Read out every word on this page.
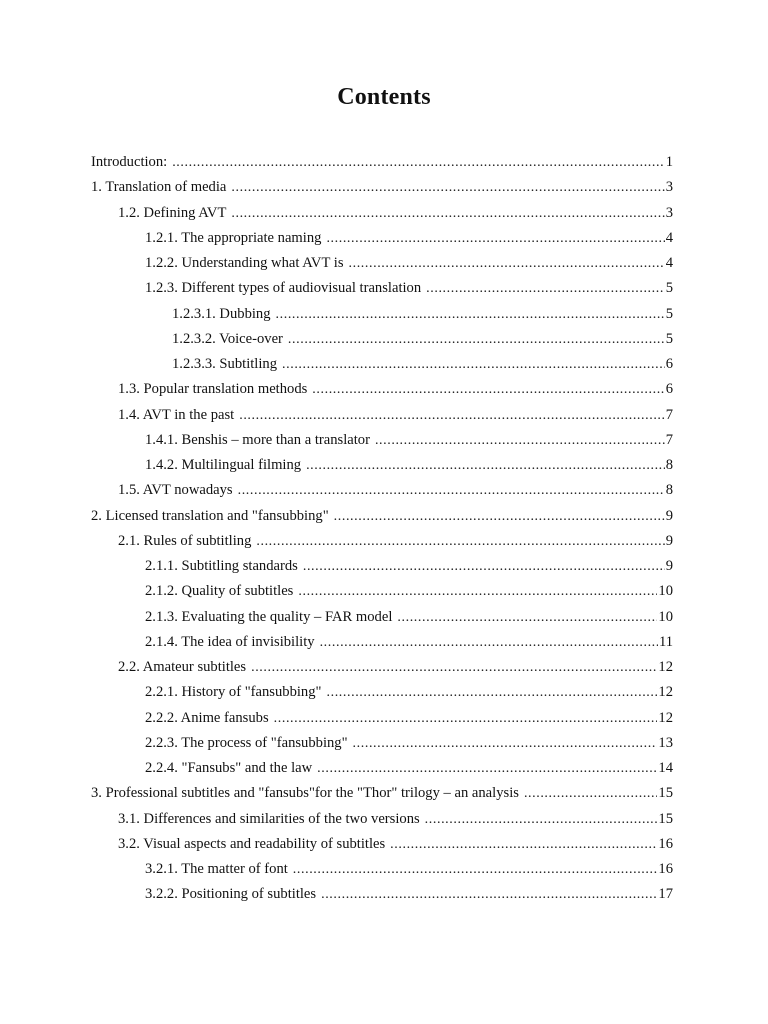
Contents
Introduction: .....	1
1. Translation of media .....	3
1.2. Defining AVT .....	3
1.2.1. The appropriate naming .....	4
1.2.2. Understanding what AVT is .....	4
1.2.3. Different types of audiovisual translation .....	5
1.2.3.1. Dubbing .....	5
1.2.3.2. Voice-over .....	5
1.2.3.3. Subtitling .....	6
1.3. Popular translation methods .....	6
1.4. AVT in the past .....	7
1.4.1. Benshis – more than a translator .....	7
1.4.2. Multilingual filming .....	8
1.5. AVT nowadays .....	8
2. Licensed translation and "fansubbing" .....	9
2.1. Rules of subtitling .....	9
2.1.1. Subtitling standards .....	9
2.1.2. Quality of subtitles .....	10
2.1.3. Evaluating the quality – FAR model .....	10
2.1.4. The idea of invisibility .....	11
2.2. Amateur subtitles .....	12
2.2.1. History of "fansubbing" .....	12
2.2.2. Anime fansubs .....	12
2.2.3. The process of "fansubbing" .....	13
2.2.4. "Fansubs" and the law .....	14
3. Professional subtitles and "fansubs"for the "Thor" trilogy – an analysis .....	15
3.1. Differences and similarities of the two versions .....	15
3.2. Visual aspects and readability of subtitles .....	16
3.2.1. The matter of font .....	16
3.2.2. Positioning of subtitles .....	17
